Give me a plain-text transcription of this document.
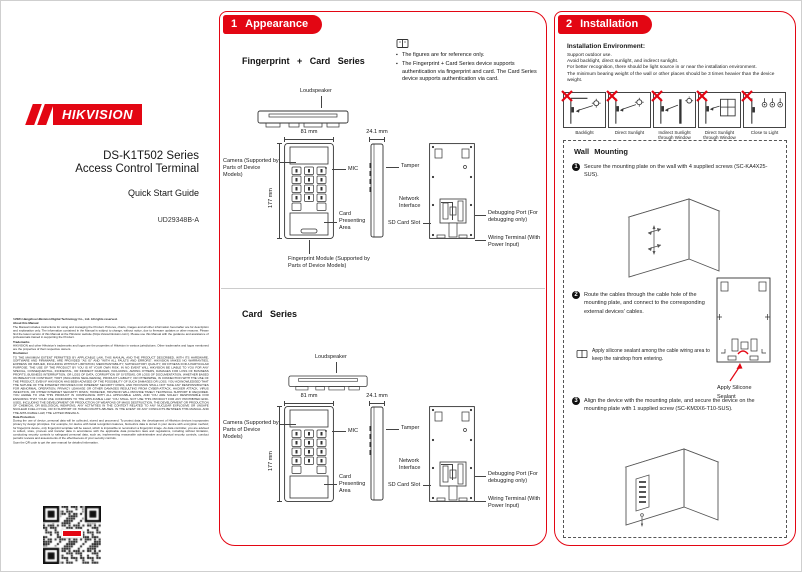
HIKVISION
DS-K1T502 Series
Access Control Terminal
Quick Start Guide
UD29348B-A

©2021 Hangzhou Hikvision Digital Technology Co., Ltd. All rights reserved.

About this Manual

The Manual includes instructions for using and managing the Product. Pictures, charts, images and all other information hereinafter are for description and explanation only. The information contained in the Manual is subject to change, without notice, due to firmware updates or other reasons. Please find the latest version of this Manual at the Hikvision website (https://www.hikvision.com/). Please use this Manual with the guidance and assistance of professionals trained in supporting the Product.

Trademarks

HIKVISION and other Hikvision's trademarks and logos are the properties of Hikvision in various jurisdictions. Other trademarks and logos mentioned are the properties of their respective owners.

Disclaimer

TO THE MAXIMUM EXTENT PERMITTED BY APPLICABLE LAW, THIS MANUAL AND THE PRODUCT DESCRIBED, WITH ITS HARDWARE, SOFTWARE AND FIRMWARE, ARE PROVIDED "AS IS" AND "WITH ALL FAULTS AND ERRORS". HIKVISION MAKES NO WARRANTIES, EXPRESS OR IMPLIED, INCLUDING WITHOUT LIMITATION, MERCHANTABILITY, SATISFACTORY QUALITY, OR FITNESS FOR A PARTICULAR PURPOSE. THE USE OF THE PRODUCT BY YOU IS AT YOUR OWN RISK. IN NO EVENT WILL HIKVISION BE LIABLE TO YOU FOR ANY SPECIAL, CONSEQUENTIAL, INCIDENTAL, OR INDIRECT DAMAGES, INCLUDING, AMONG OTHERS, DAMAGES FOR LOSS OF BUSINESS PROFITS, BUSINESS INTERRUPTION, OR LOSS OF DATA, CORRUPTION OF SYSTEMS, OR LOSS OF DOCUMENTATION, WHETHER BASED ON BREACH OF CONTRACT, TORT (INCLUDING NEGLIGENCE), PRODUCT LIABILITY, OR OTHERWISE, IN CONNECTION WITH THE USE OF THE PRODUCT, EVEN IF HIKVISION HAS BEEN ADVISED OF THE POSSIBILITY OF SUCH DAMAGES OR LOSS. YOU ACKNOWLEDGED THAT THE NATURE OF THE INTERNET PROVIDES FOR INHERENT SECURITY RISKS, AND HIKVISION SHALL NOT TAKE ANY RESPONSIBILITIES FOR ABNORMAL OPERATION, PRIVACY LEAKAGE OR OTHER DAMAGES RESULTING FROM CYBER-ATTACK, HACKER ATTACK, VIRUS INFECTION, OR OTHER INTERNET SECURITY RISKS; HOWEVER, HIKVISION WILL PROVIDE TIMELY TECHNICAL SUPPORT IF REQUIRED. YOU AGREE TO USE THIS PRODUCT IN COMPLIANCE WITH ALL APPLICABLE LAWS, AND YOU ARE SOLELY RESPONSIBLE FOR ENSURING THAT YOUR USE CONFORMS TO THE APPLICABLE LAW. YOU SHALL NOT USE THIS PRODUCT FOR ANY PROHIBITED END-USES, INCLUDING THE DEVELOPMENT OR PRODUCTION OF WEAPONS OF MASS DESTRUCTION, THE DEVELOPMENT OR PRODUCTION OF CHEMICAL OR BIOLOGICAL WEAPONS, ANY ACTIVITIES IN THE CONTEXT RELATED TO ANY NUCLEAR EXPLOSIVE OR UNSAFE NUCLEAR FUEL-CYCLE, OR IN SUPPORT OF HUMAN RIGHTS ABUSES. IN THE EVENT OF ANY CONFLICTS BETWEEN THIS MANUAL AND THE APPLICABLE LAW, THE LATTER PREVAILS.

Data Protection

During the use of device, personal data will be collected, stored and processed. To protect data, the development of Hikvision devices incorporates privacy by design principles. For example, for device with facial recognition features, biometrics data is stored in your device with encryption method; for fingerprint device, only fingerprint template will be saved, which is impossible to reconstruct a fingerprint image. As data controller, you are advised to collect, store, process and transfer data in accordance with the applicable data protection laws and regulations, including without limitation, conducting security controls to safeguard personal data, such as, implementing reasonable administrative and physical security controls, conduct periodic reviews and assessments of the effectiveness of your security controls.

Scan the QR code to get the user manual for detailed information.

1 Appearance
Fingerprint + Card Series
▪ The figures are for reference only.
▪ The Fingerprint + Card Series device supports authentication via fingerprint and card. The Card Series device supports authentication via card.
Loudspeaker
81 mm	24.1 mm
177 mm
Camera (Supported by Parts of Device Models)
MIC
Card Presenting Area
Fingerprint Module (Supported by Parts of Device Models)
Tamper
Network Interface
SD Card Slot
Debugging Port (For debugging only)
Wiring Terminal (With Power Input)
Card Series
Loudspeaker
81 mm	24.1 mm
177 mm
Camera (Supported by Parts of Device Models)
MIC
Card Presenting Area
Tamper
Network Interface
SD Card Slot
Debugging Port (For debugging only)
Wiring Terminal (With Power Input)
2 Installation
Installation Environment:
Support outdoor use.
Avoid backlight, direct sunlight, and indirect sunlight.
For better recognition, there should be light source in or near the installation environment.
The minimum bearing weight of the wall or other places should be 3 times heavier than the device weight.
Backlight	Direct Sunlight	Indirect Sunlight through Window
Direct Sunlight through Window
Close to Light
Wall Mounting
1	Secure the mounting plate on the wall with 4 supplied screws (SC-KA4X25-SUS).
2	Route the cables through the cable hole of the mounting plate, and connect to the corresponding external devices' cables.
Apply silicone sealant among the cable wiring area to keep the raindrop from entering.
Apply Silicone Sealant
3	Align the device with the mounting plate, and secure the device on the mounting plate with 1 supplied screw (SC-KM3X6-T10-SUS).
